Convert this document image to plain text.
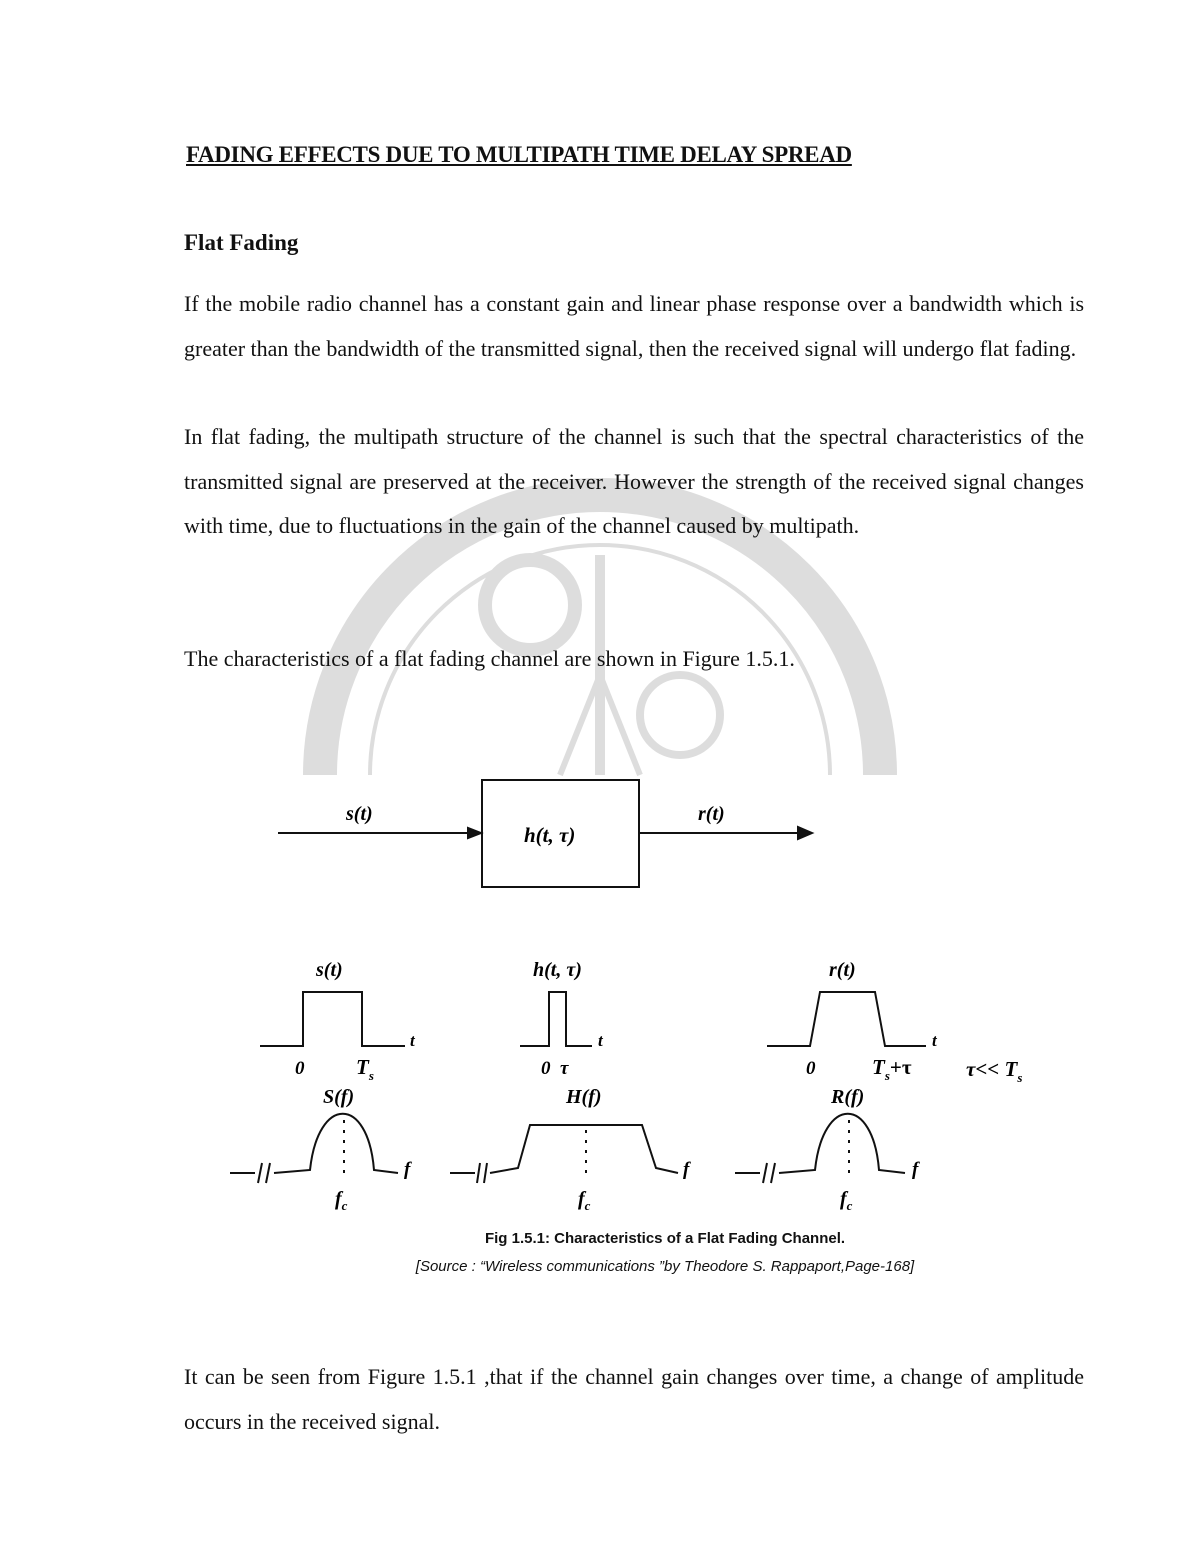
FADING EFFECTS DUE TO MULTIPATH TIME DELAY SPREAD
Flat Fading

If the mobile radio channel has a constant gain and linear phase response over a bandwidth which is greater than the bandwidth of the transmitted signal, then the received signal will undergo flat fading.

In flat fading, the multipath structure of the channel is such that the spectral characteristics of the transmitted signal are preserved at the receiver. However the strength of the received signal changes with time, due to fluctuations in the gain of the channel caused by multipath.

The characteristics of a flat fading channel are shown in Figure 1.5.1.

s(t)
h(t, τ)
r(t)
s(t)	h(t, τ)	r(t)
t	t	t
0 $T_s$	0 τ	0	$T_s+\tau$	$\tau<< T_s$
S(f)	H(f)	R(f)
f	f	f
$f_c$	$f_c$	$f_c$
Fig 1.5.1: Characteristics of a Flat Fading Channel.
[Source : “Wireless communications ”by Theodore S. Rappaport,Page-168]

It can be seen from Figure 1.5.1 ,that if the channel gain changes over time, a change of amplitude occurs in the received signal.
